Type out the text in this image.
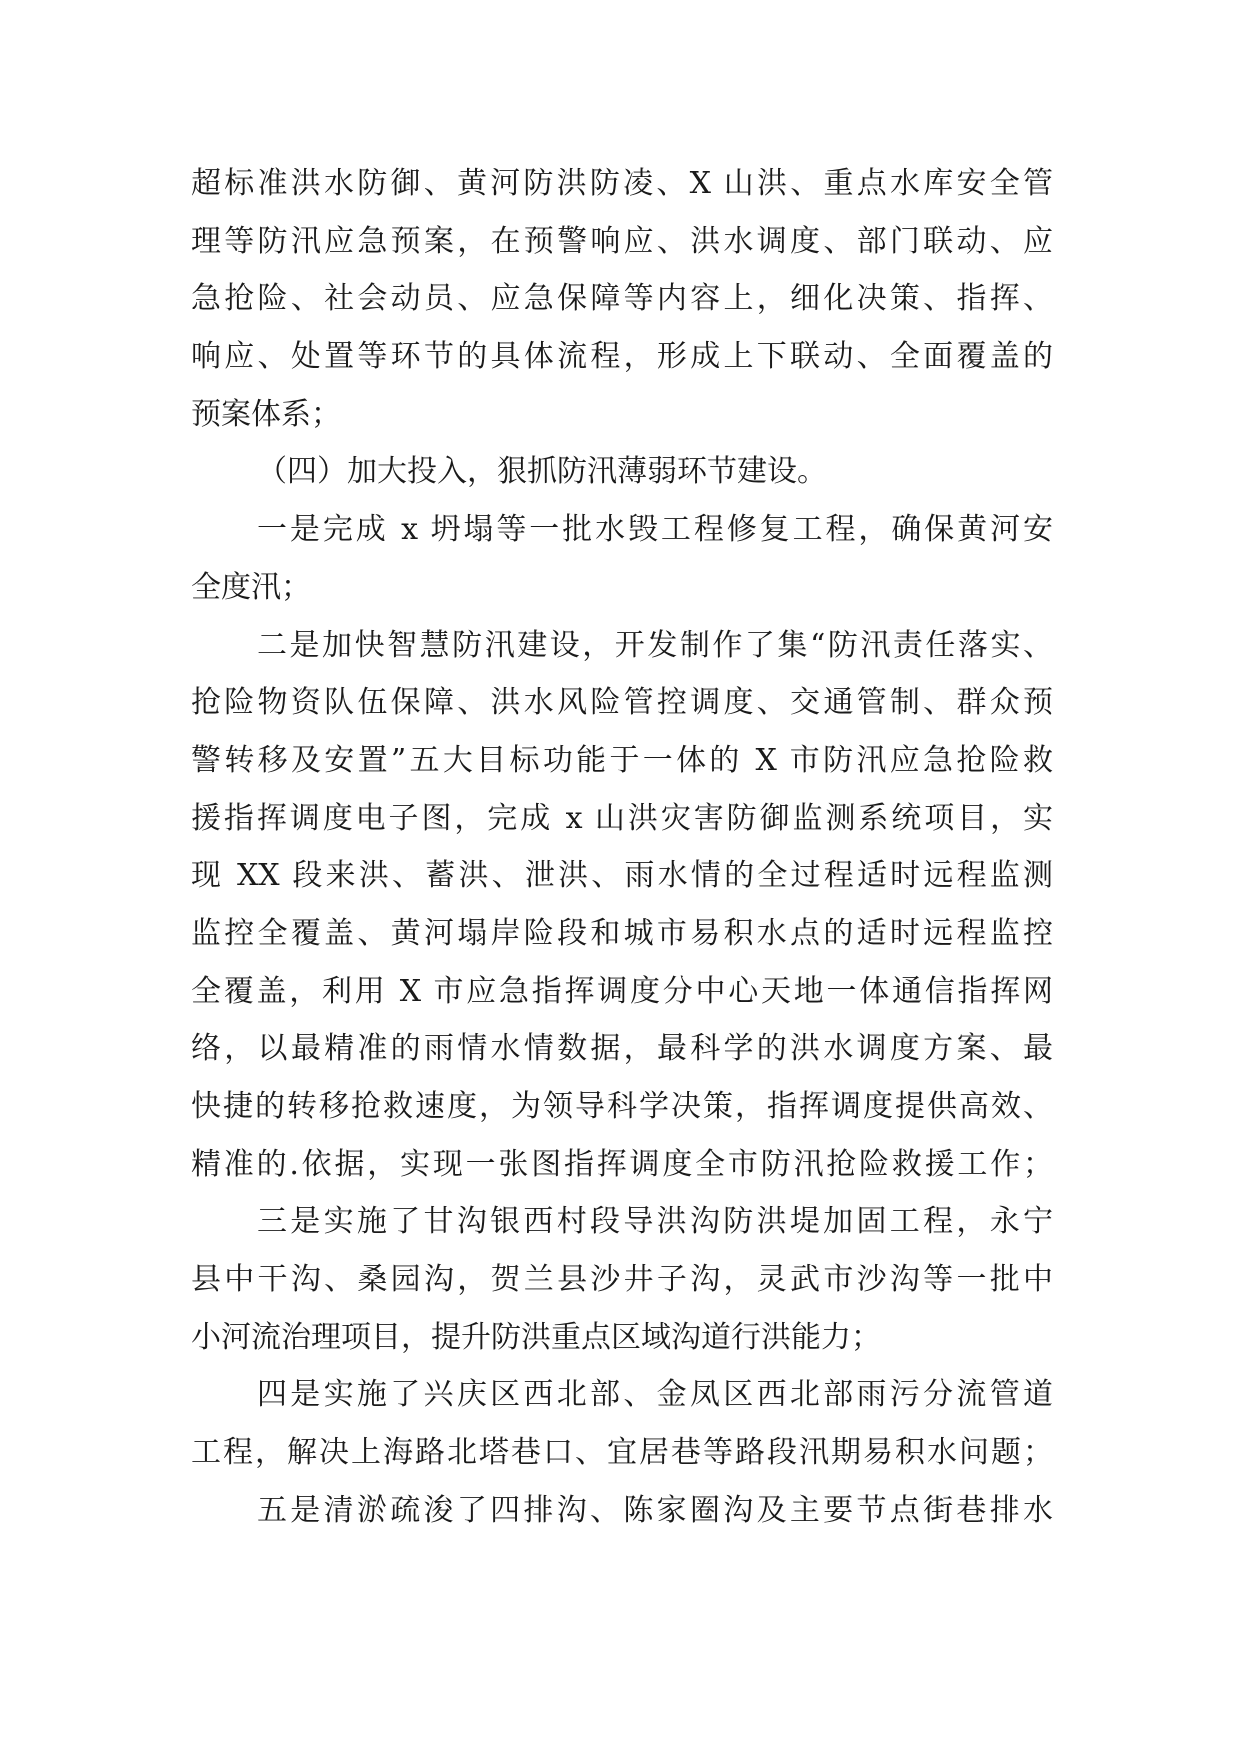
超标准洪水防御、黄河防洪防凌、X 山洪、重点水库安全管
理等防汛应急预案，在预警响应、洪水调度、部门联动、应
急抢险、社会动员、应急保障等内容上，细化决策、指挥、
响应、处置等环节的具体流程，形成上下联动、全面覆盖的
预案体系；
（四）加大投入，狠抓防汛薄弱环节建设。
一是完成 x 坍塌等一批水毁工程修复工程，确保黄河安
全度汛；
二是加快智慧防汛建设，开发制作了集“防汛责任落实、
抢险物资队伍保障、洪水风险管控调度、交通管制、群众预
警转移及安置”五大目标功能于一体的 X 市防汛应急抢险救
援指挥调度电子图，完成 x 山洪灾害防御监测系统项目，实
现 XX 段来洪、蓄洪、泄洪、雨水情的全过程适时远程监测
监控全覆盖、黄河塌岸险段和城市易积水点的适时远程监控
全覆盖，利用 X 市应急指挥调度分中心天地一体通信指挥网
络，以最精准的雨情水情数据，最科学的洪水调度方案、最
快捷的转移抢救速度，为领导科学决策，指挥调度提供高效、
精准的.依据，实现一张图指挥调度全市防汛抢险救援工作；
三是实施了甘沟银西村段导洪沟防洪堤加固工程，永宁
县中干沟、桑园沟，贺兰县沙井子沟，灵武市沙沟等一批中
小河流治理项目，提升防洪重点区域沟道行洪能力；
四是实施了兴庆区西北部、金凤区西北部雨污分流管道
工程，解决上海路北塔巷口、宜居巷等路段汛期易积水问题；
五是清淤疏浚了四排沟、陈家圈沟及主要节点街巷排水
